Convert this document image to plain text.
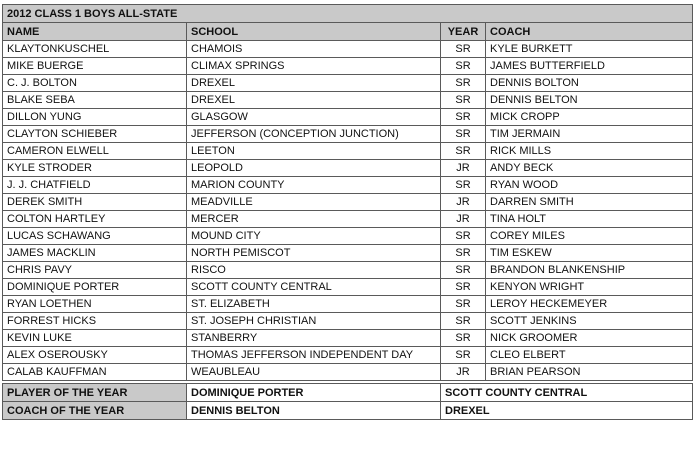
2012 CLASS 1 BOYS ALL-STATE			
NAME	SCHOOL	YEAR	COACH
KLAYTONKUSCHEL	CHAMOIS	SR	KYLE BURKETT
MIKE BUERGE	CLIMAX SPRINGS	SR	JAMES BUTTERFIELD
C. J. BOLTON	DREXEL	SR	DENNIS BOLTON
BLAKE SEBA	DREXEL	SR	DENNIS BELTON
DILLON YUNG	GLASGOW	SR	MICK CROPP
CLAYTON SCHIEBER	JEFFERSON (CONCEPTION JUNCTION)	SR	TIM JERMAIN
CAMERON ELWELL	LEETON	SR	RICK MILLS
KYLE STRODER	LEOPOLD	JR	ANDY BECK
J. J. CHATFIELD	MARION COUNTY	SR	RYAN WOOD
DEREK SMITH	MEADVILLE	JR	DARREN SMITH
COLTON HARTLEY	MERCER	JR	TINA HOLT
LUCAS SCHAWANG	MOUND CITY	SR	COREY MILES
JAMES MACKLIN	NORTH PEMISCOT	SR	TIM ESKEW
CHRIS PAVY	RISCO	SR	BRANDON BLANKENSHIP
DOMINIQUE PORTER	SCOTT COUNTY CENTRAL	SR	KENYON WRIGHT
RYAN LOETHEN	ST. ELIZABETH	SR	LEROY HECKEMEYER
FORREST HICKS	ST. JOSEPH CHRISTIAN	SR	SCOTT JENKINS
KEVIN LUKE	STANBERRY	SR	NICK GROOMER
ALEX OSEROUSKY	THOMAS JEFFERSON INDEPENDENT DAY	SR	CLEO ELBERT
CALAB KAUFFMAN	WEAUBLEAU	JR	BRIAN PEARSON

PLAYER OF THE YEAR	DOMINIQUE PORTER	SCOTT COUNTY CENTRAL	
COACH OF THE YEAR	DENNIS BELTON	DREXEL	
